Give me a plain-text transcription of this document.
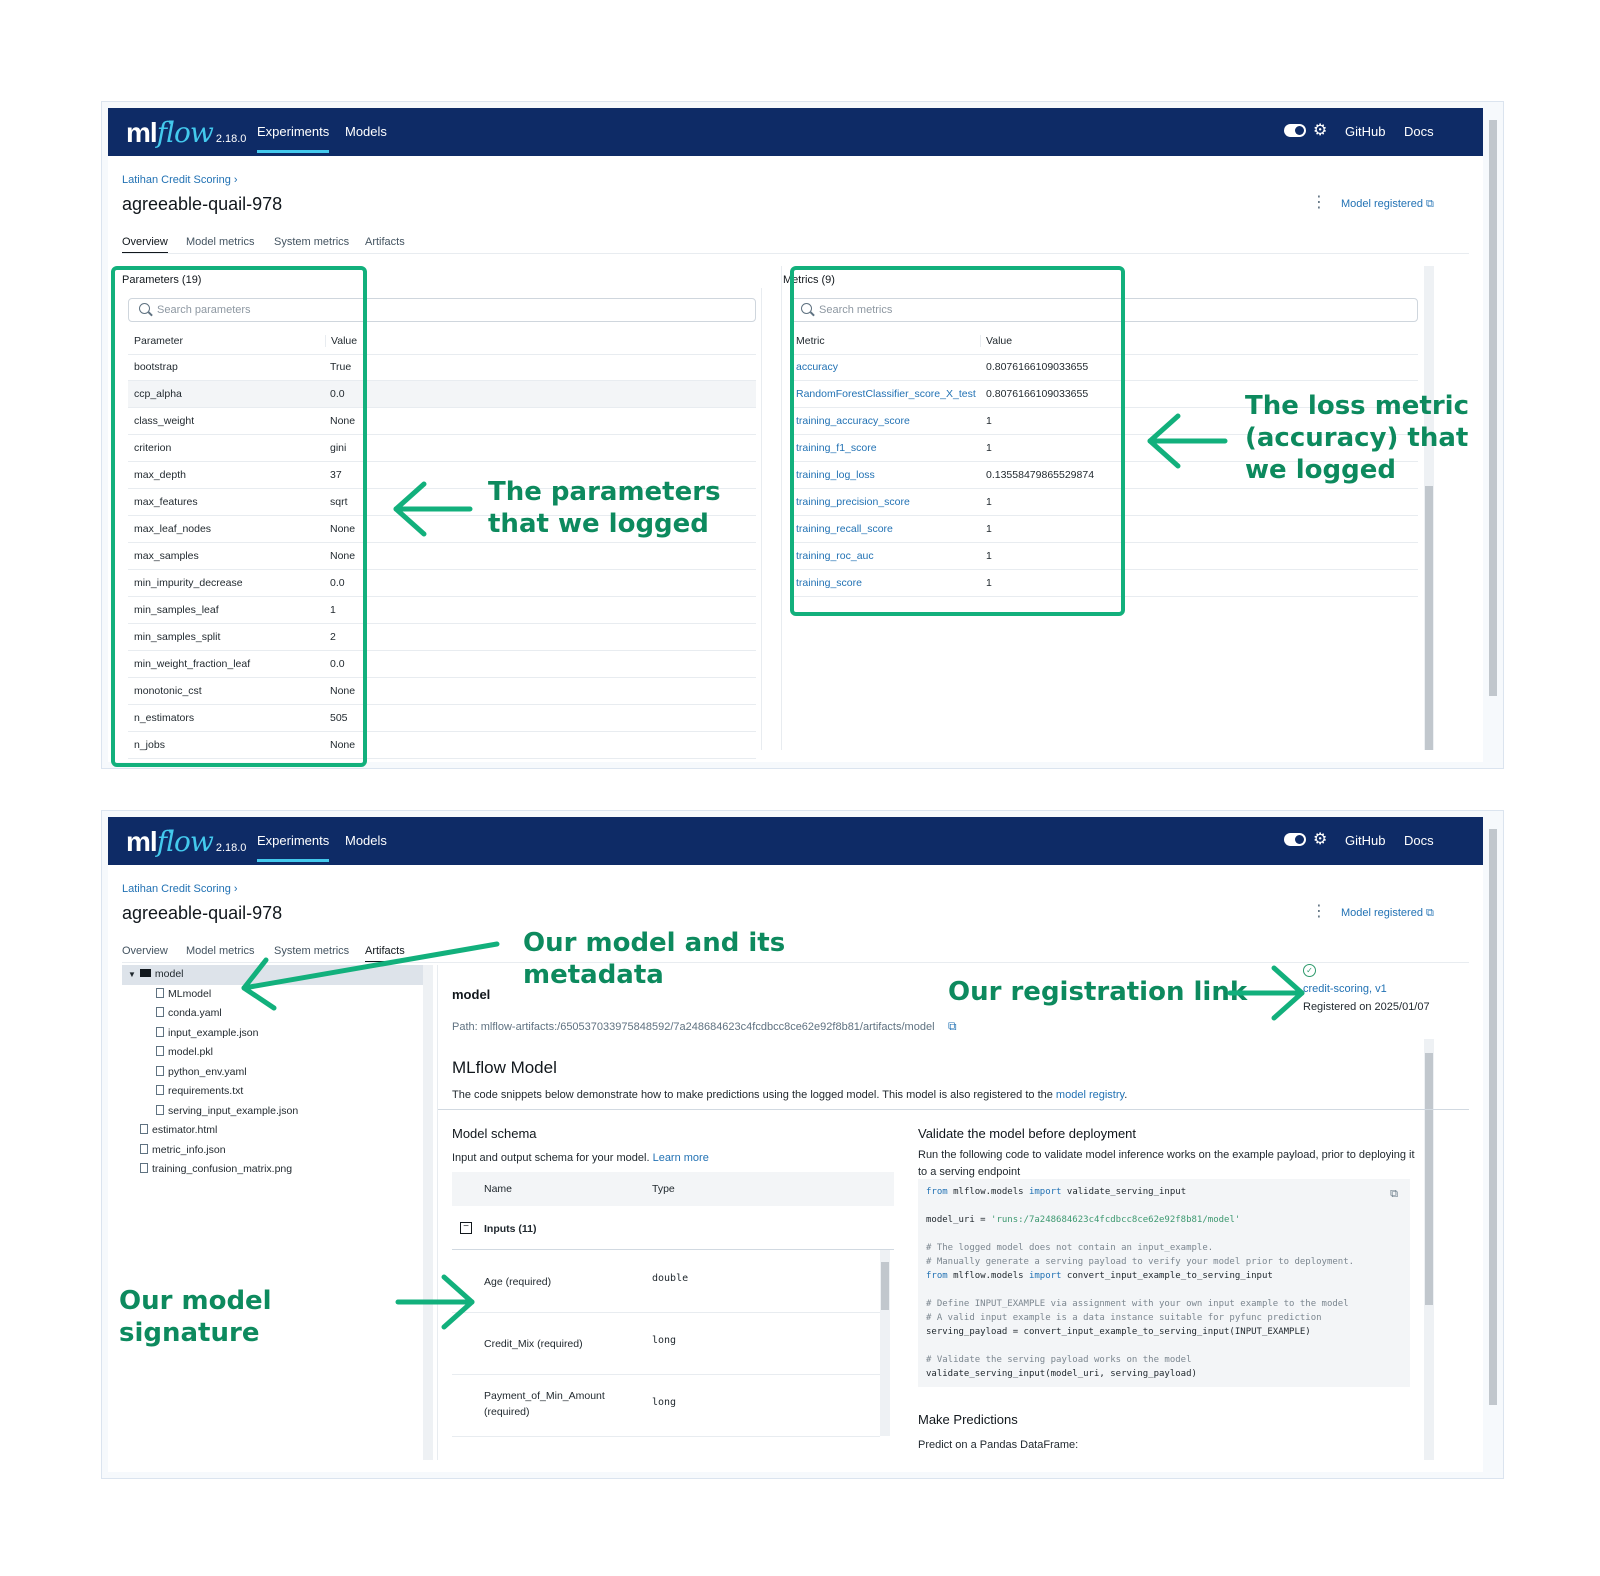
mlflow 2.18.0 Experiments Models	⚙ GitHub Docs
Latihan Credit Scoring ›
agreeable-quail-978	⋮ Model registered ⧉
Overview Model metrics System metrics Artifacts
Parameters (19)
Search parameters
Parameter	Value
bootstrap	True
ccp_alpha	0.0
class_weight	None
criterion	gini
max_depth	37
max_features	sqrt
max_leaf_nodes	None
max_samples	None
min_impurity_decrease	0.0
min_samples_leaf	1
min_samples_split	2
min_weight_fraction_leaf	0.0
monotonic_cst	None
n_estimators	505
n_jobs	None
Metrics (9)
Search metrics
Metric	Value
accuracy	0.8076166109033655
RandomForestClassifier_score_X_test 0.8076166109033655
training_accuracy_score	1
training_f1_score	1
training_log_loss	0.13558479865529874
training_precision_score	1
training_recall_score	1
training_roc_auc	1
training_score	1
mlflow 2.18.0 Experiments Models	⚙ GitHub Docs
Latihan Credit Scoring ›
agreeable-quail-978	⋮ Model registered ⧉
Overview Model metrics System metrics Artifacts
▼ model
MLmodel
conda.yaml
input_example.json
model.pkl
python_env.yaml
requirements.txt
serving_input_example.json
estimator.html
metric_info.json
training_confusion_matrix.png
model
✓
credit-scoring, v1
Registered on 2025/01/07
Path: mlflow-artifacts:/650537033975848592/7a248684623c4fcdbcc8ce62e92f8b81/artifacts/model ⧉
MLflow Model
The code snippets below demonstrate how to make predictions using the logged model. This model is also registered to the model registry.
Model schema
Input and output schema for your model. Learn more
Name	Type
− Inputs (11)
Age (required)	double
Credit_Mix (required)	long
Payment_of_Min_Amount (required)
long
Validate the model before deployment
Run the following code to validate model inference works on the example payload, prior to deploying it to a serving endpoint
⧉
from mlflow.models import validate_serving_input

model_uri = 'runs:/7a248684623c4fcdbcc8ce62e92f8b81/model'

# The logged model does not contain an input_example.
# Manually generate a serving payload to verify your model prior to deployment.
from mlflow.models import convert_input_example_to_serving_input

# Define INPUT_EXAMPLE via assignment with your own input example to the model
# A valid input example is a data instance suitable for pyfunc prediction
serving_payload = convert_input_example_to_serving_input(INPUT_EXAMPLE)

# Validate the serving payload works on the model
validate_serving_input(model_uri, serving_payload)
Make Predictions
Predict on a Pandas DataFrame:
The parameters that we logged
The loss metric (accuracy) that we logged
Our model and its metadata
Our registration link
Our model signature
